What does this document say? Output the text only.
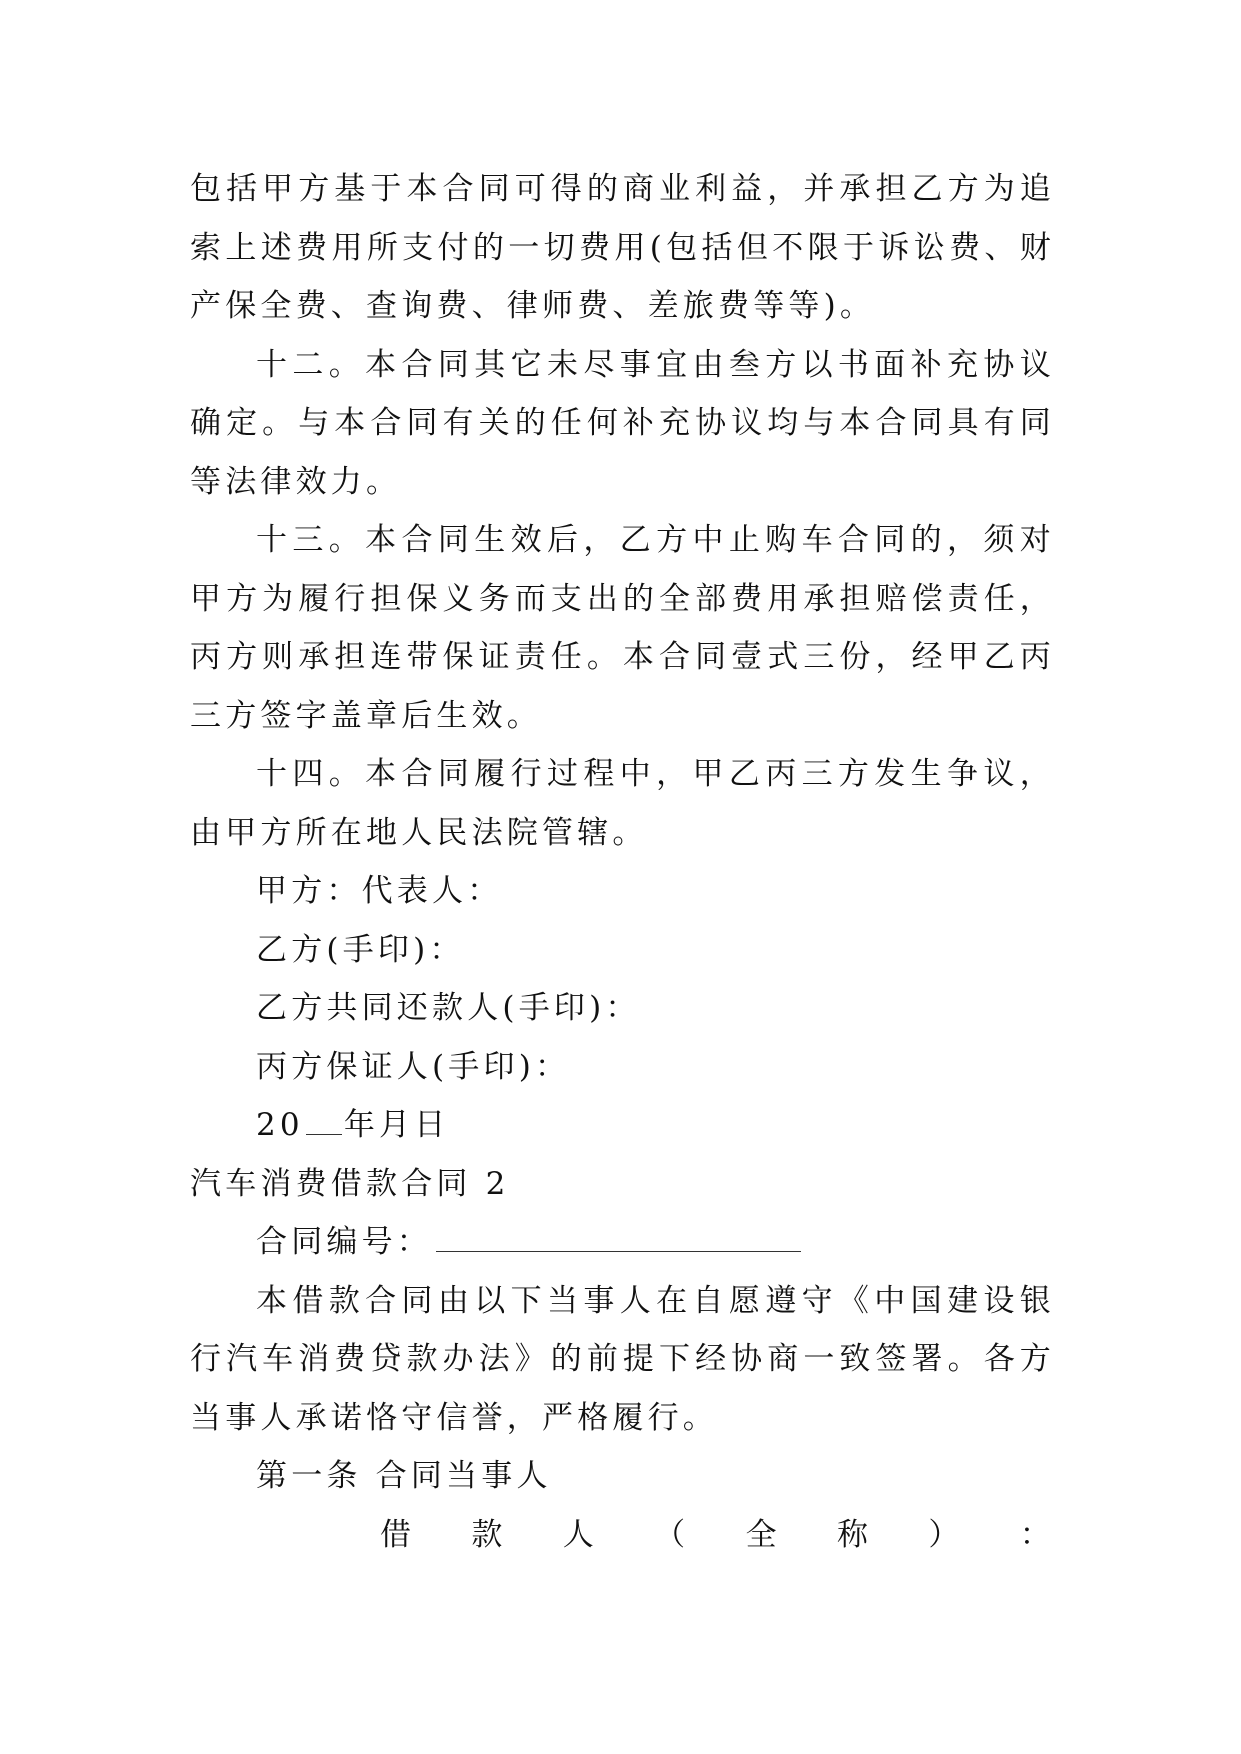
包括甲方基于本合同可得的商业利益，并承担乙方为追索上述费用所支付的一切费用(包括但不限于诉讼费、财产保全费、查询费、律师费、差旅费等等)。

十二。本合同其它未尽事宜由叁方以书面补充协议确定。与本合同有关的任何补充协议均与本合同具有同等法律效力。

十三。本合同生效后，乙方中止购车合同的，须对甲方为履行担保义务而支出的全部费用承担赔偿责任，丙方则承担连带保证责任。本合同壹式三份，经甲乙丙三方签字盖章后生效。

十四。本合同履行过程中，甲乙丙三方发生争议，由甲方所在地人民法院管辖。

甲方：代表人：

乙方(手印)：

乙方共同还款人(手印)：

丙方保证人(手印)：

20 年月日

汽车消费借款合同 2

合同编号：

本借款合同由以下当事人在自愿遵守《中国建设银行汽车消费贷款办法》的前提下经协商一致签署。各方当事人承诺恪守信誉，严格履行。

第一条 合同当事人

借 款 人 （ 全 称 ） ：
